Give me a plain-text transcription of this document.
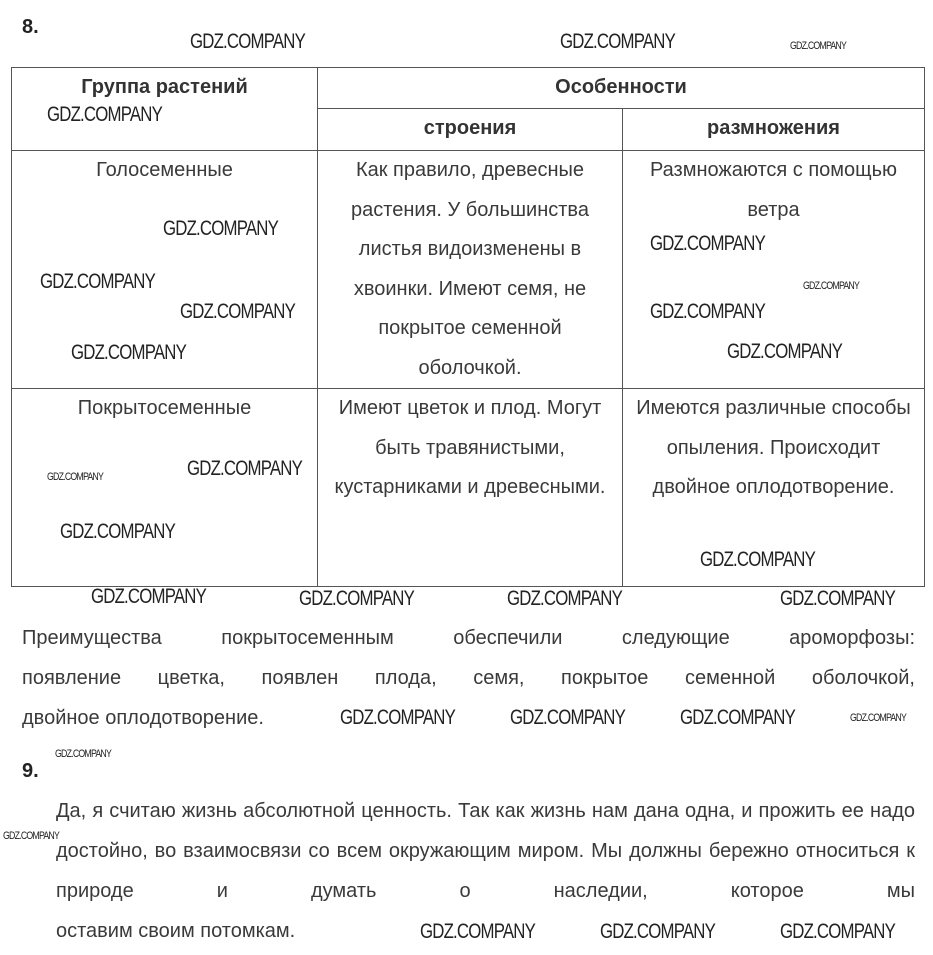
8.
Группа растений	Особенности	
	строения	размножения
Голосеменные	Как правило, древесные растения. У большинства листья видоизменены в хвоинки. Имеют семя, не покрытое семенной оболочкой.	Размножаются с помощью ветра
Покрытосеменные	Имеют цветок и плод. Могут быть травянистыми, кустарниками и древесными.	Имеются различные способы опыления. Происходит двойное оплодотворение.
Преимущества покрытосеменным обеспечили следующие ароморфозы:
появление цветка, появлен плода, семя, покрытое семенной оболочкой,
двойное оплодотворение.
9.
Да, я считаю жизнь абсолютной ценность. Так как жизнь нам дана одна, и прожить ее надо достойно, во взаимосвязи со всем окружающим миром. Мы должны бережно относиться к природе и думать о наследии, которое мы
оставим своим потомкам.
GDZ.COMPANY
GDZ.COMPANY	GDZ.COMPANY	GDZ.COMPANY
GDZ.COMPANY
GDZ.COMPANY
GDZ.COMPANY
GDZ.COMPANY
GDZ.COMPANY
GDZ.COMPANY	GDZ.COMPANY
GDZ.COMPANY
GDZ.COMPANY	GDZ.COMPANY
GDZ.COMPANY
GDZ.COMPANY
GDZ.COMPANY	GDZ.COMPANY	GDZ.COMPANY	GDZ.COMPANY
GDZ.COMPANY	GDZ.COMPANY	GDZ.COMPANY	GDZ.COMPANY
GDZ.COMPANY
GDZ.COMPANY
GDZ.COMPANY	GDZ.COMPANY	GDZ.COMPANY
